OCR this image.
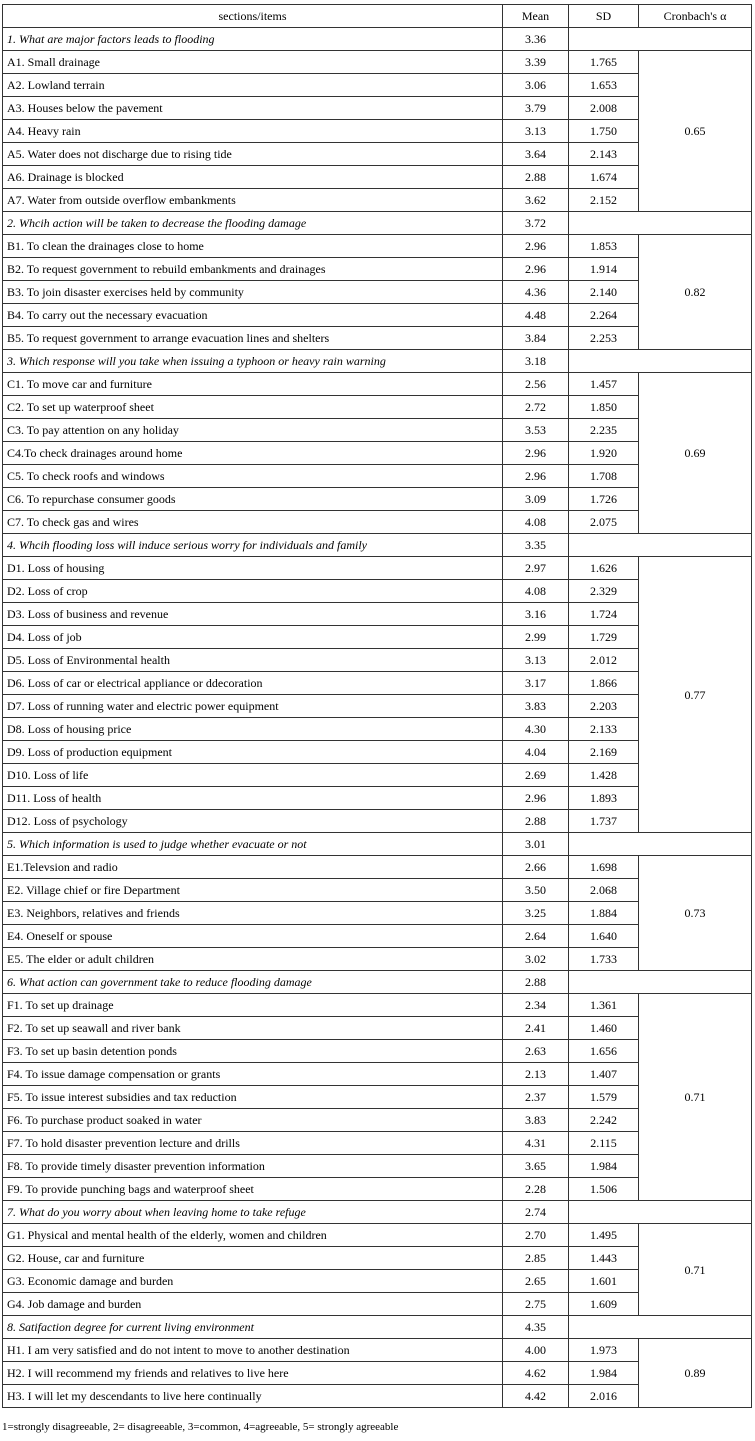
sections/items	Mean	SD	Cronbach's α
1. What are major factors leads to flooding	3.36		
A1. Small drainage	3.39	1.765	0.65
A2. Lowland terrain	3.06	1.653	
A3. Houses below the pavement	3.79	2.008	
A4. Heavy rain	3.13	1.750	
A5. Water does not discharge due to rising tide	3.64	2.143	
A6. Drainage is blocked	2.88	1.674	
A7. Water from outside overflow embankments	3.62	2.152	
2. Whcih action will be taken to decrease the flooding damage	3.72		
B1. To clean the drainages close to home	2.96	1.853	0.82
B2. To request government to rebuild embankments and drainages	2.96	1.914	
B3. To join disaster exercises held by community	4.36	2.140	
B4. To carry out the necessary evacuation	4.48	2.264	
B5. To request government to arrange evacuation lines and shelters	3.84	2.253	
3. Which response will you take when issuing a typhoon or heavy rain warning	3.18		
C1. To move car and furniture	2.56	1.457	0.69
C2. To set up waterproof sheet	2.72	1.850	
C3. To pay attention on any holiday	3.53	2.235	
C4.To check drainages around home	2.96	1.920	
C5. To check roofs and windows	2.96	1.708	
C6. To repurchase consumer goods	3.09	1.726	
C7. To check gas and wires	4.08	2.075	
4. Whcih flooding loss will induce serious worry for individuals and family	3.35		
D1. Loss of housing	2.97	1.626	0.77
D2. Loss of crop	4.08	2.329	
D3. Loss of business and revenue	3.16	1.724	
D4. Loss of job	2.99	1.729	
D5. Loss of Environmental health	3.13	2.012	
D6. Loss of car or electrical appliance or ddecoration	3.17	1.866	
D7. Loss of running water and electric power equipment	3.83	2.203	
D8. Loss of housing price	4.30	2.133	
D9. Loss of production equipment	4.04	2.169	
D10. Loss of life	2.69	1.428	
D11. Loss of health	2.96	1.893	
D12. Loss of psychology	2.88	1.737	
5. Which information is used to judge whether evacuate or not	3.01		
E1.Televsion and radio	2.66	1.698	0.73
E2. Village chief or fire Department	3.50	2.068	
E3. Neighbors, relatives and friends	3.25	1.884	
E4. Oneself or spouse	2.64	1.640	
E5. The elder or adult children	3.02	1.733	
6. What action can government take to reduce flooding damage	2.88		
F1. To set up drainage	2.34	1.361	0.71
F2. To set up seawall and river bank	2.41	1.460	
F3. To set up basin detention ponds	2.63	1.656	
F4. To issue damage compensation or grants	2.13	1.407	
F5. To issue interest subsidies and tax reduction	2.37	1.579	
F6. To purchase product soaked in water	3.83	2.242	
F7. To hold disaster prevention lecture and drills	4.31	2.115	
F8. To provide timely disaster prevention information	3.65	1.984	
F9. To provide punching bags and waterproof sheet	2.28	1.506	
7. What do you worry about when leaving home to take refuge	2.74		
G1. Physical and mental health of the elderly, women and children	2.70	1.495	0.71
G2. House, car and furniture	2.85	1.443	
G3. Economic damage and burden	2.65	1.601	
G4. Job damage and burden	2.75	1.609	
8. Satifaction degree for current living environment	4.35		
H1. I am very satisfied and do not intent to move to another destination	4.00	1.973	0.89
H2. I will recommend my friends and relatives to live here	4.62	1.984	
H3. I will let my descendants to live here continually	4.42	2.016	
1=strongly disagreeable, 2= disagreeable, 3=common, 4=agreeable, 5= strongly agreeable
